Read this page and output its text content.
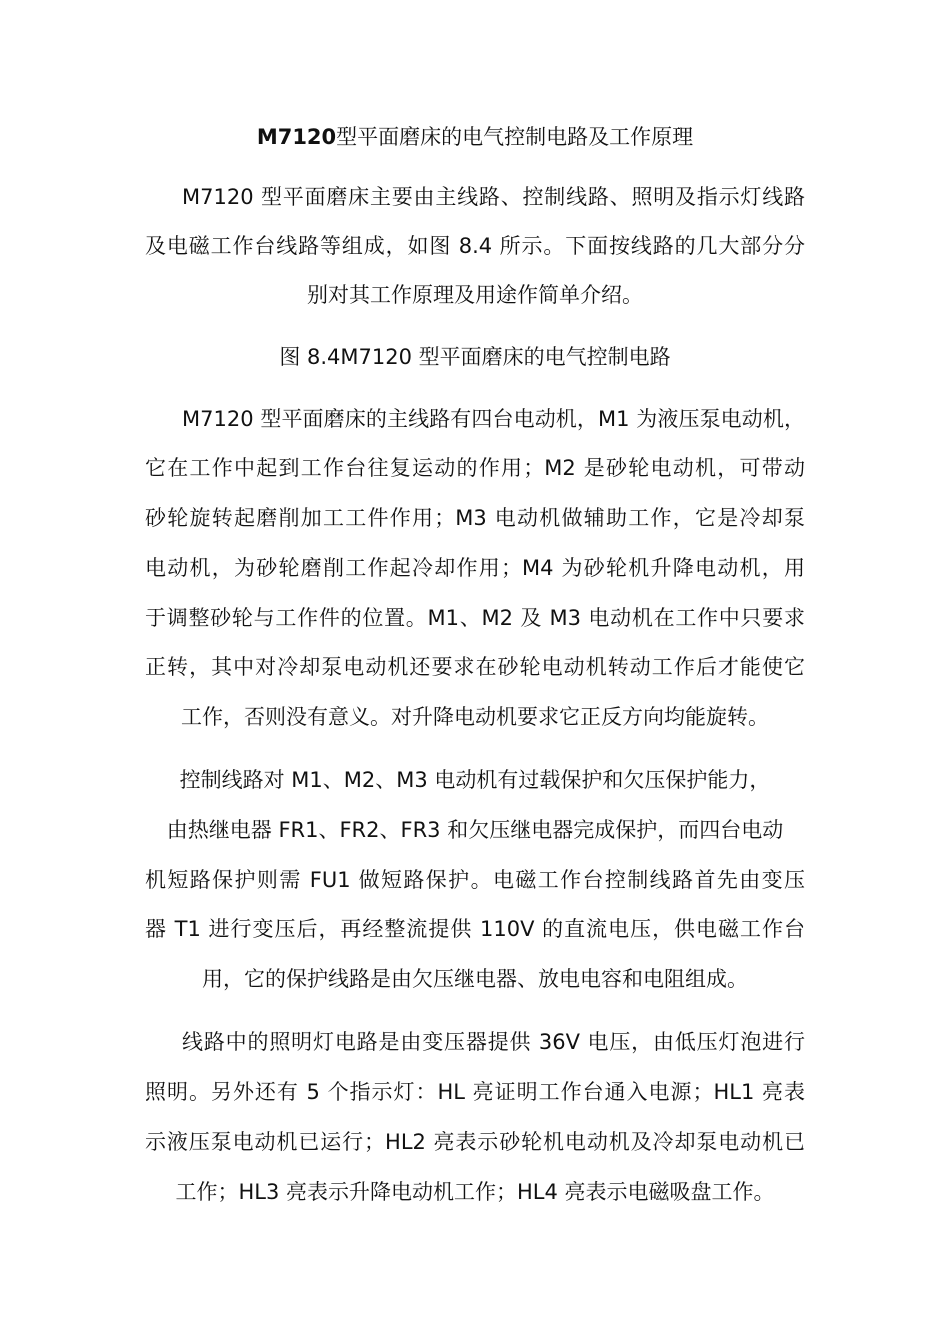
M7120型平面磨床的电气控制电路及工作原理
M7120 型平面磨床主要由主线路、控制线路、照明及指示灯线路
及电磁工作台线路等组成，如图 8.4 所示。下面按线路的几大部分分
别对其工作原理及用途作简单介绍。
图 8.4M7120 型平面磨床的电气控制电路
M7120 型平面磨床的主线路有四台电动机，M1 为液压泵电动机，
它在工作中起到工作台往复运动的作用；M2 是砂轮电动机，可带动
砂轮旋转起磨削加工工件作用；M3 电动机做辅助工作，它是冷却泵
电动机，为砂轮磨削工作起冷却作用；M4 为砂轮机升降电动机，用
于调整砂轮与工作件的位置。M1、M2 及 M3 电动机在工作中只要求
正转，其中对冷却泵电动机还要求在砂轮电动机转动工作后才能使它
工作，否则没有意义。对升降电动机要求它正反方向均能旋转。
控制线路对 M1、M2、M3 电动机有过载保护和欠压保护能力，
由热继电器 FR1、FR2、FR3 和欠压继电器完成保护，而四台电动
机短路保护则需 FU1 做短路保护。电磁工作台控制线路首先由变压
器 T1 进行变压后，再经整流提供 110V 的直流电压，供电磁工作台
用，它的保护线路是由欠压继电器、放电电容和电阻组成。
线路中的照明灯电路是由变压器提供 36V 电压，由低压灯泡进行
照明。另外还有 5 个指示灯：HL 亮证明工作台通入电源；HL1 亮表
示液压泵电动机已运行；HL2 亮表示砂轮机电动机及冷却泵电动机已
工作；HL3 亮表示升降电动机工作；HL4 亮表示电磁吸盘工作。
